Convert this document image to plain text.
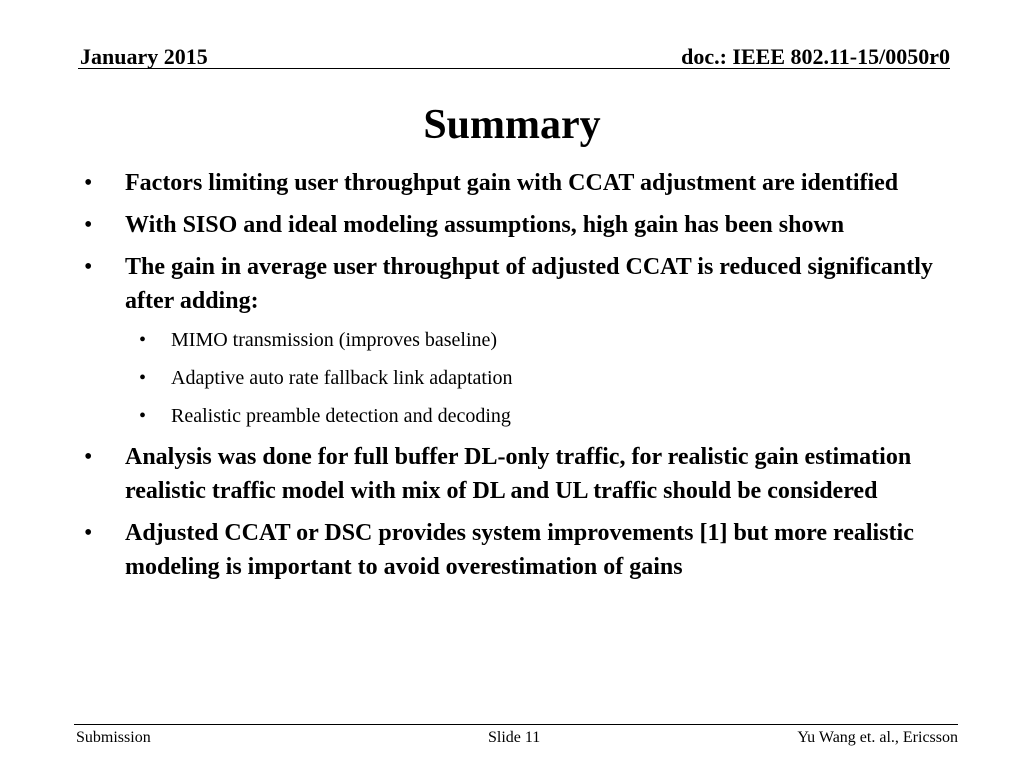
January 2015	doc.: IEEE 802.11-15/0050r0
Summary
• Factors limiting user throughput gain with CCAT adjustment are identified
• With SISO and ideal modeling assumptions, high gain has been shown
• The gain in average user throughput of adjusted CCAT is reduced significantly after adding:
• MIMO transmission (improves baseline)
• Adaptive auto rate fallback link adaptation
• Realistic preamble detection and decoding
• Analysis was done for full buffer DL-only traffic, for realistic gain estimation realistic traffic model with mix of DL and UL traffic should be considered
• Adjusted CCAT or DSC provides system improvements [1] but more realistic modeling is important to avoid overestimation of gains
Submission	Slide 11	Yu Wang et. al., Ericsson
